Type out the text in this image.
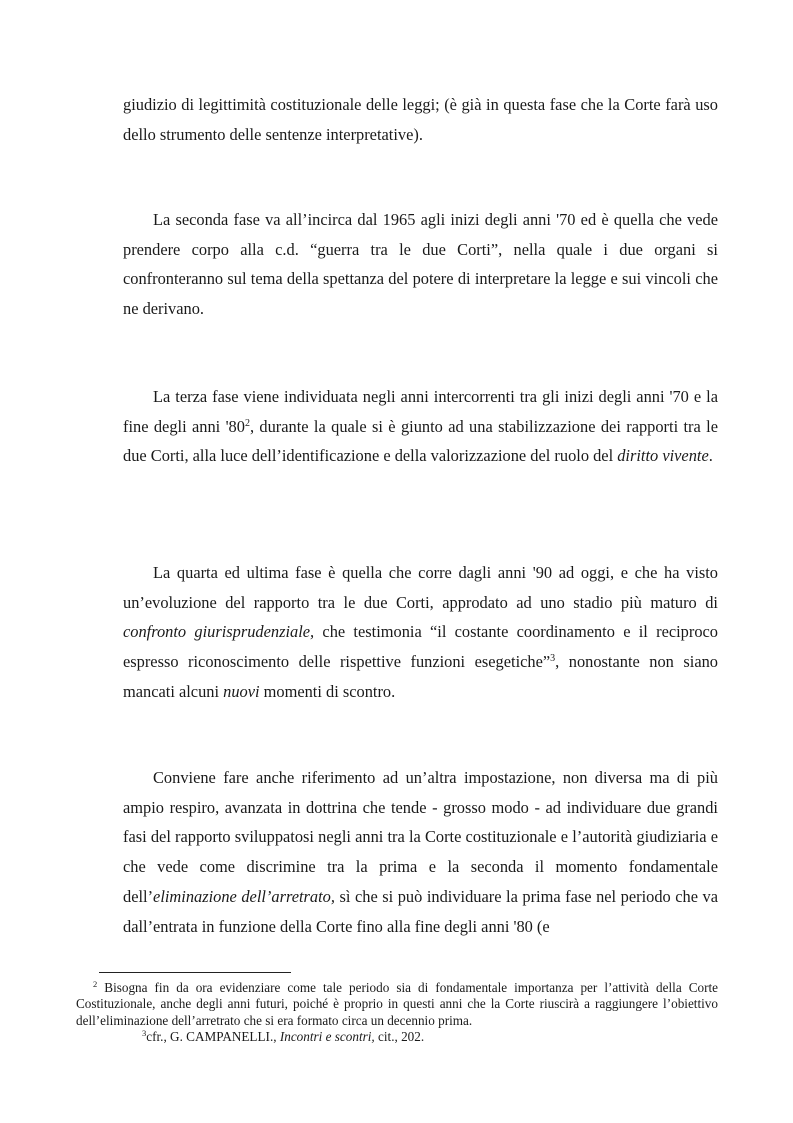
giudizio di legittimità costituzionale delle leggi; (è già in questa fase che la Corte farà uso dello strumento delle sentenze interpretative).

La seconda fase va all’incirca dal 1965 agli inizi degli anni '70 ed è quella che vede prendere corpo alla c.d. “guerra tra le due Corti”, nella quale i due organi si confronteranno sul tema della spettanza del potere di interpretare la legge e sui vincoli che ne derivano.

La terza fase viene individuata negli anni intercorrenti tra gli inizi degli anni '70 e la fine degli anni '$80^2$, durante la quale si è giunto ad una stabilizzazione dei rapporti tra le due Corti, alla luce dell’identificazione e della valorizzazione del ruolo del diritto vivente.

La quarta ed ultima fase è quella che corre dagli anni '90 ad oggi, e che ha visto un’evoluzione del rapporto tra le due Corti, approdato ad uno stadio più maturo di confronto giurisprudenziale, che testimonia “il costante coordinamento e il reciproco espresso riconoscimento delle rispettive funzioni esegetiche”$^3$, nonostante non siano mancati alcuni nuovi momenti di scontro.

Conviene fare anche riferimento ad un’altra impostazione, non diversa ma di più ampio respiro, avanzata in dottrina che tende - grosso modo - ad individuare due grandi fasi del rapporto sviluppatosi negli anni tra la Corte costituzionale e l’autorità giudiziaria e che vede come discrimine tra la prima e la seconda il momento fondamentale dell’eliminazione dell’arretrato, sì che si può individuare la prima fase nel periodo che va dall’entrata in funzione della Corte fino alla fine degli anni '80 (e

$^2$ Bisogna fin da ora evidenziare come tale periodo sia di fondamentale importanza per l’attività della Corte Costituzionale, anche degli anni futuri, poiché è proprio in questi anni che la Corte riuscirà a raggiungere l’obiettivo dell’eliminazione dell’arretrato che si era formato circa un decennio prima.

$^3$cfr., G. CAMPANELLI., Incontri e scontri, cit., 202.
